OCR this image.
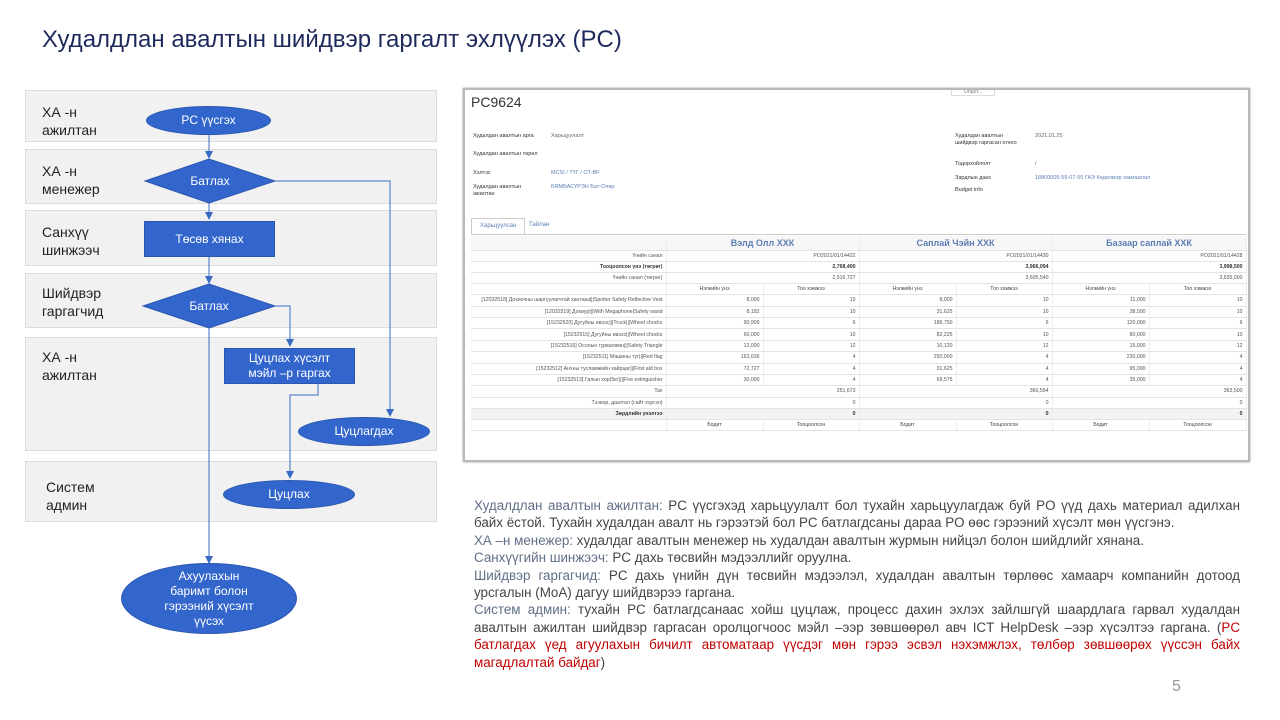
Худалдлан авалтын шийдвэр гаргалт эхлүүлэх (PC)
ХА -н
ажилтан
ХА -н
менежер
Санхүү
шинжээч
Шийдвэр
гаргагчид
ХА -н
ажилтан
Систем
админ
PC үүсгэх
Батлах
Төсөв хянах
Батлах
Цуцлах хүсэлт
мэйл –р гаргах
Цуцлагдах
Цуцлах
Ахуулахын
баримт болон
гэрээний хүсэлт
үүсэх
PC9624
Огцол...
Худалдан авалтын арга	Харьцуулалт
Худалдан авалтын төрөл
Хэлтэс	MCSI / ТҮГ / OT-BF
Худалдан авалтын ажилтан
БЯМБАСҮРЭН Бат-Очир
Худалдан авалтын шийдвэр гаргасан огноо
2021.01.25
Тодорхойлолт	/
Зардлын данс	18800005-55-07-55 ГАЭ Кеделмэр хамгаалал
Budget info
Харьцуулсан	Тайлан
	Вэлд Олл ХХК		Саплай Чэйн ХХК		Базаар саплай ХХК	
Үнийн санал	PO2021/01/14432		PO2021/01/14430		PO2021/01/14428	
Тооцоолсон үнэ (төгрөг)	2,768,400		3,966,094		3,998,500	
Үнийн санал (төгрөг)	2,516,727		3,605,540		3,635,000	
	Нэгжийн үнэ	Тоо хэмжээ	Нэгжийн үнэ	Тоо хэмжээ	Нэгжийн үнэ	Тоо хэмжээ
[12032518] Дохиочны шаргуулагчтай хантааз|||Spotter Safety Reflective Vest	8,000	10	8,000	10	11,000	10
[12032519] Дохиур|||With Megaphone|Safety wand	8,182	10	31,625	10	38,500	10
[15232520] Дугуйны ивээс|||Truck|||Wheel chocks	90,909	6	189,750	6	120,000	6
[15232515] Дугуйны ивээс|||Wheel chocks	60,000	10	82,225	10	80,000	10
[15232516] Осолын гурвалжин|||Safety Triangle	12,000	12	10,120	12	15,000	12
[15232511] Машины туг|||Red flag	163,636	4	250,000	4	230,000	4
[15232512] Анхны тусламжийн хайрцаг|||First aid box	72,727	4	31,625	4	95,000	4
[15232513] Галын хор(5кг)|||Fire extinguisher	30,000	4	69,575	4	35,000	4
Tax	251,673		360,554		363,500	
Тээвэр, даатгал (сайт хүргэл)	0		0		0	
Зөрдлийн үнэлгээ	0		0		0	
	Бодит	Тооцоолсон	Бодит	Тооцоолсон	Бодит	Тооцоолсон

Худалдлан авалтын ажилтан: PC үүсгэхэд харьцуулалт бол тухайн харьцуулагдаж буй PO үүд дахь материал адилхан байх ёстой. Тухайн худалдан авалт нь гэрээтэй бол PC батлагдсаны дараа PO өөс гэрээний хүсэлт мөн үүсгэнэ.

ХА –н менежер: худалдаг авалтын менежер нь худалдан авалтын журмын нийцэл болон шийдлийг хянана.

Санхүүгийн шинжээч: PC дахь төсвийн мэдээллийг оруулна.

Шийдвэр гаргагчид: PC дахь үнийн дүн төсвийн мэдээлэл, худалдан авалтын төрлөөс хамаарч компанийн дотоод урсгалын (MoA) дагуу шийдвэрээ гаргана.

Систем админ: тухайн PC батлагдсанаас хойш цуцлаж, процесс дахин эхлэх зайлшгүй шаардлага гарвал худалдан авалтын ажилтан шийдвэр гаргасан оролцогчоос мэйл –ээр зөвшөөрөл авч ICT HelpDesk –ээр хүсэлтээ гаргана. (PC батлагдах үед агуулахын бичилт автоматаар үүсдэг мөн гэрээ эсвэл нэхэмжлэх, төлбөр зөвшөөрөх үүссэн байх магадлалтай байдаг)

5
